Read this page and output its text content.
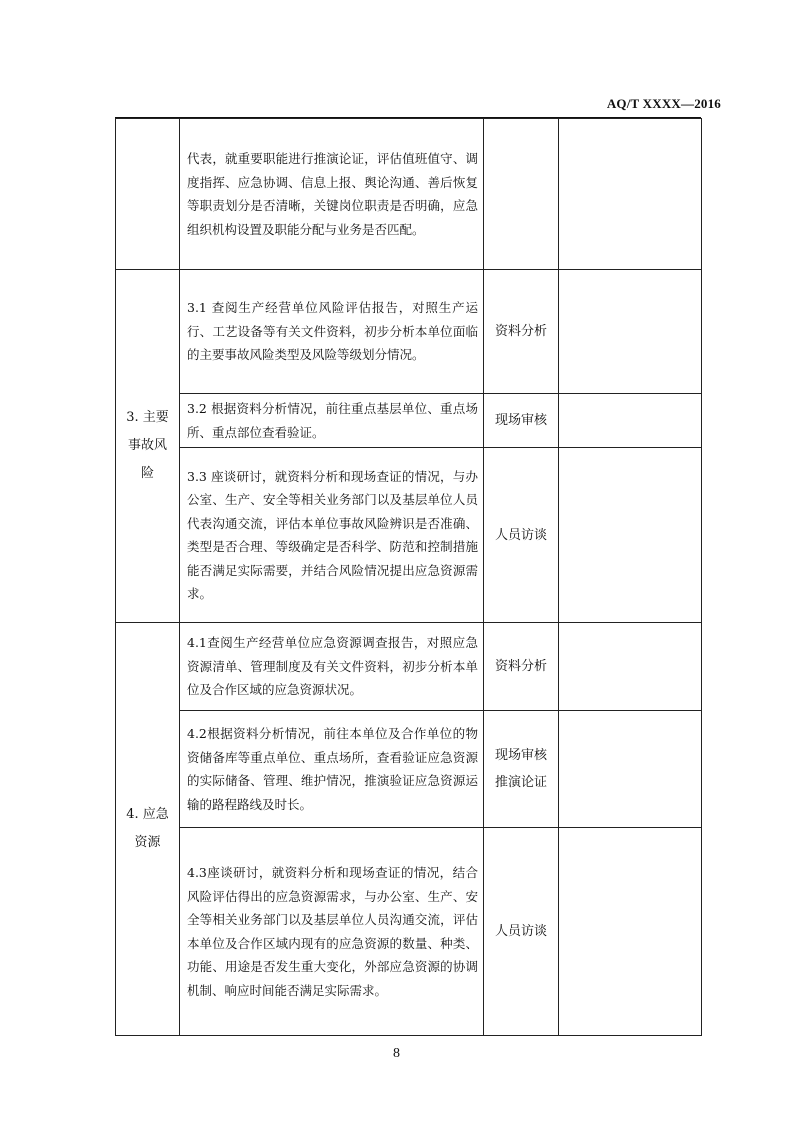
AQ/T XXXX—2016

	代表，就重要职能进行推演论证，评估值班值守、调度指挥、应急协调、信息上报、舆论沟通、善后恢复等职责划分是否清晰，关键岗位职责是否明确，应急组织机构设置及职能分配与业务是否匹配。		

3. 主要事故风险	3.1 查阅生产经营单位风险评估报告，对照生产运行、工艺设备等有关文件资料，初步分析本单位面临的主要事故风险类型及风险等级划分情况。	资料分析	

	3.2 根据资料分析情况，前往重点基层单位、重点场所、重点部位查看验证。	现场审核	

	3.3 座谈研讨，就资料分析和现场查证的情况，与办公室、生产、安全等相关业务部门以及基层单位人员代表沟通交流，评估本单位事故风险辨识是否准确、类型是否合理、等级确定是否科学、防范和控制措施能否满足实际需要，并结合风险情况提出应急资源需求。	人员访谈	

4. 应急资源	4.1查阅生产经营单位应急资源调查报告，对照应急资源清单、管理制度及有关文件资料，初步分析本单位及合作区域的应急资源状况。	资料分析	

	4.2根据资料分析情况，前往本单位及合作单位的物资储备库等重点单位、重点场所，查看验证应急资源的实际储备、管理、维护情况，推演验证应急资源运输的路程路线及时长。	现场审核
推演论证	

	4.3座谈研讨，就资料分析和现场查证的情况，结合风险评估得出的应急资源需求，与办公室、生产、安全等相关业务部门以及基层单位人员沟通交流，评估本单位及合作区域内现有的应急资源的数量、种类、功能、用途是否发生重大变化，外部应急资源的协调机制、响应时间能否满足实际需求。	人员访谈	

8
